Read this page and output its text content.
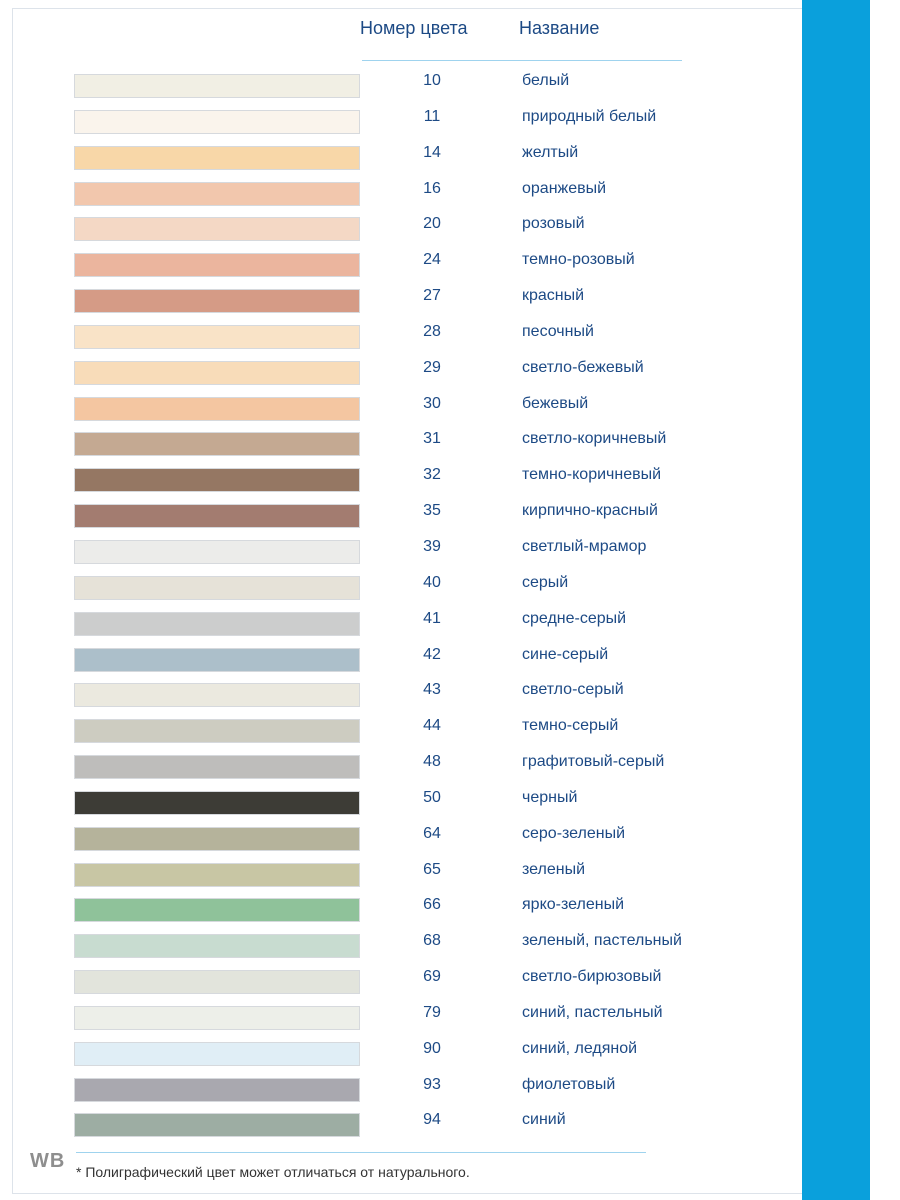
Номер цвета	Название
10	белый
11	природный белый
14	желтый
16	оранжевый
20	розовый
24	темно-розовый
27	красный
28	песочный
29	светло-бежевый
30	бежевый
31	светло-коричневый
32	темно-коричневый
35	кирпично-красный
39	светлый-мрамор
40	серый
41	средне-серый
42	сине-серый
43	светло-серый
44	темно-серый
48	графитовый-серый
50	черный
64	серо-зеленый
65	зеленый
66	ярко-зеленый
68	зеленый, пастельный
69	светло-бирюзовый
79	синий, пастельный
90	синий, ледяной
93	фиолетовый
94	синий
WB * Полиграфический цвет может отличаться от натурального.
